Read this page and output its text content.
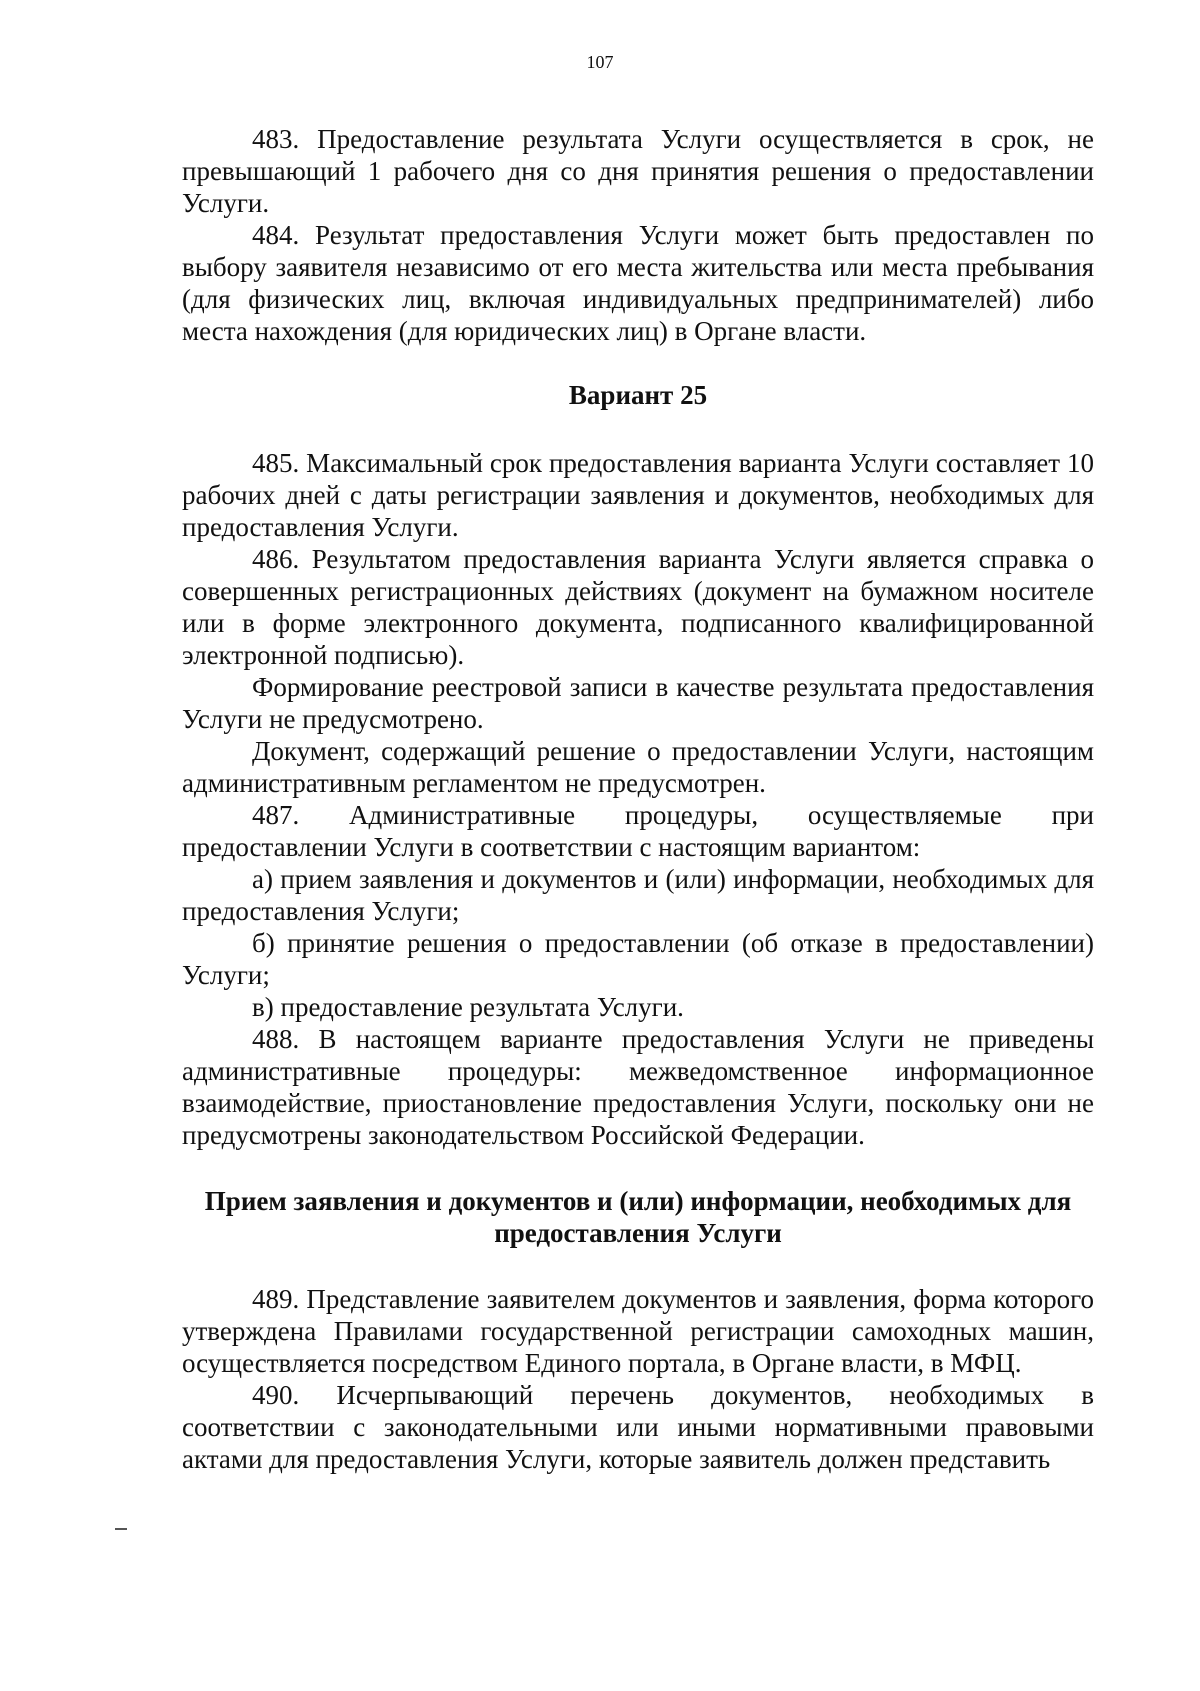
107

483. Предоставление результата Услуги осуществляется в срок, не превышающий 1 рабочего дня со дня принятия решения о предоставлении Услуги.

484. Результат предоставления Услуги может быть предоставлен по выбору заявителя независимо от его места жительства или места пребывания (для физических лиц, включая индивидуальных предпринимателей) либо места нахождения (для юридических лиц) в Органе власти.

Вариант 25

485. Максимальный срок предоставления варианта Услуги составляет 10 рабочих дней с даты регистрации заявления и документов, необходимых для предоставления Услуги.

486. Результатом предоставления варианта Услуги является справка о совершенных регистрационных действиях (документ на бумажном носителе или в форме электронного документа, подписанного квалифицированной электронной подписью).

Формирование реестровой записи в качестве результата предоставления Услуги не предусмотрено.

Документ, содержащий решение о предоставлении Услуги, настоящим административным регламентом не предусмотрен.

487. Административные процедуры, осуществляемые при предоставлении Услуги в соответствии с настоящим вариантом:

а) прием заявления и документов и (или) информации, необходимых для предоставления Услуги;

б) принятие решения о предоставлении (об отказе в предоставлении) Услуги;

в) предоставление результата Услуги.

488. В настоящем варианте предоставления Услуги не приведены административные процедуры: межведомственное информационное взаимодействие, приостановление предоставления Услуги, поскольку они не предусмотрены законодательством Российской Федерации.

Прием заявления и документов и (или) информации, необходимых для
предоставления Услуги

489. Представление заявителем документов и заявления, форма которого утверждена Правилами государственной регистрации самоходных машин, осуществляется посредством Единого портала, в Органе власти, в МФЦ.

490. Исчерпывающий перечень документов, необходимых в соответствии с законодательными или иными нормативными правовыми актами для предоставления Услуги, которые заявитель должен представить
